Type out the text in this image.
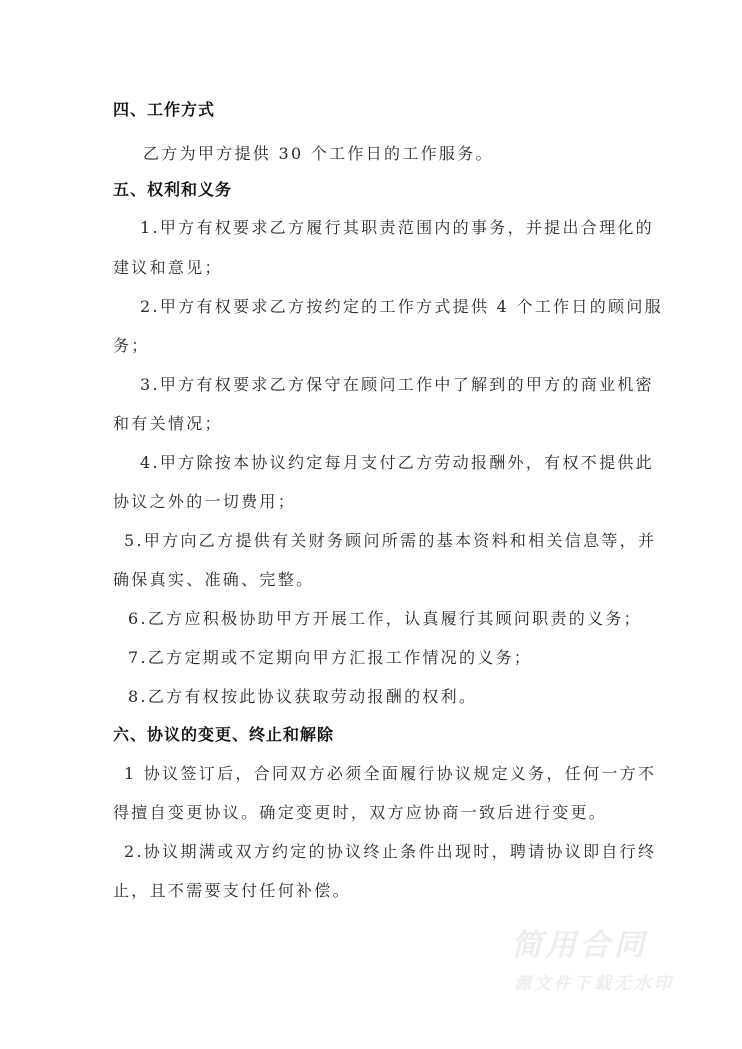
四、工作方式
乙方为甲方提供 30 个工作日的工作服务。
五、权利和义务
1.甲方有权要求乙方履行其职责范围内的事务，并提出合理化的
建议和意见；
2.甲方有权要求乙方按约定的工作方式提供 4 个工作日的顾问服
务；
3.甲方有权要求乙方保守在顾问工作中了解到的甲方的商业机密
和有关情况；
4.甲方除按本协议约定每月支付乙方劳动报酬外，有权不提供此
协议之外的一切费用；
5.甲方向乙方提供有关财务顾问所需的基本资料和相关信息等，并
确保真实、准确、完整。
6.乙方应积极协助甲方开展工作，认真履行其顾问职责的义务；
7.乙方定期或不定期向甲方汇报工作情况的义务；
8.乙方有权按此协议获取劳动报酬的权利。
六、协议的变更、终止和解除
1 协议签订后，合同双方必须全面履行协议规定义务，任何一方不
得擅自变更协议。确定变更时，双方应协商一致后进行变更。
2.协议期满或双方约定的协议终止条件出现时，聘请协议即自行终
止，且不需要支付任何补偿。
简用合同
源文件下载无水印
